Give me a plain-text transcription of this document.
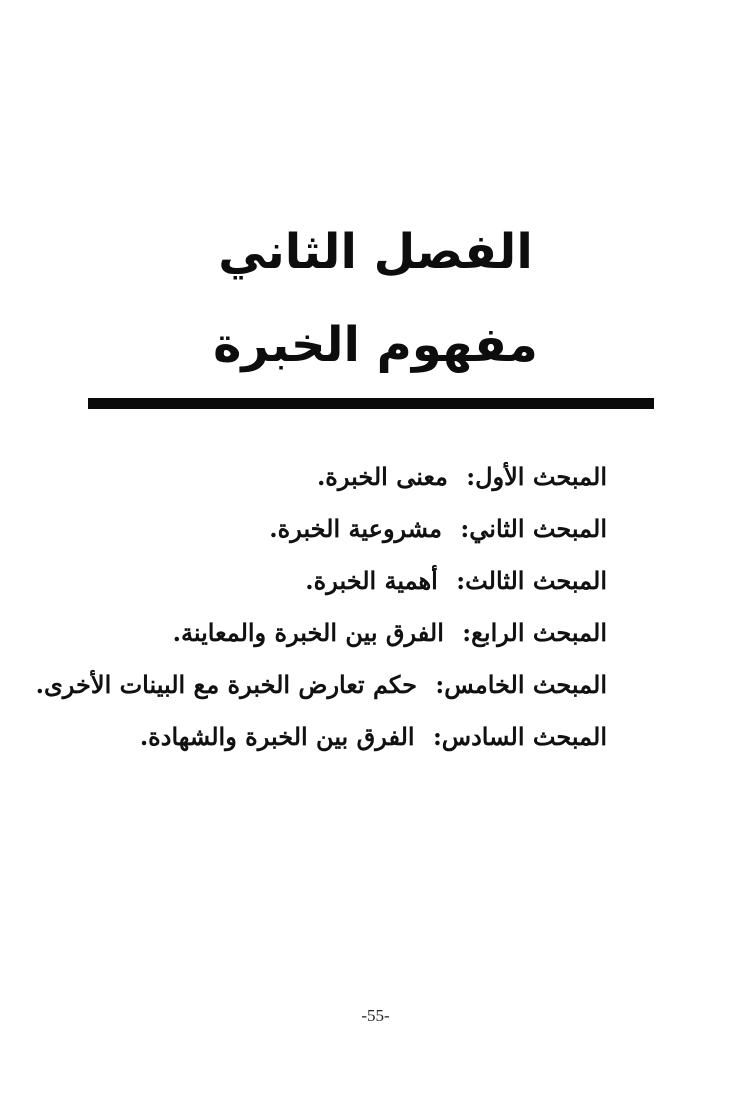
الفصل الثاني
مفهوم الخبرة
المبحث الأول: معنى الخبرة.
المبحث الثاني: مشروعية الخبرة.
المبحث الثالث: أهمية الخبرة.
المبحث الرابع: الفرق بين الخبرة والمعاينة.
المبحث الخامس: حكم تعارض الخبرة مع البينات الأخرى.
المبحث السادس: الفرق بين الخبرة والشهادة.
-55-
